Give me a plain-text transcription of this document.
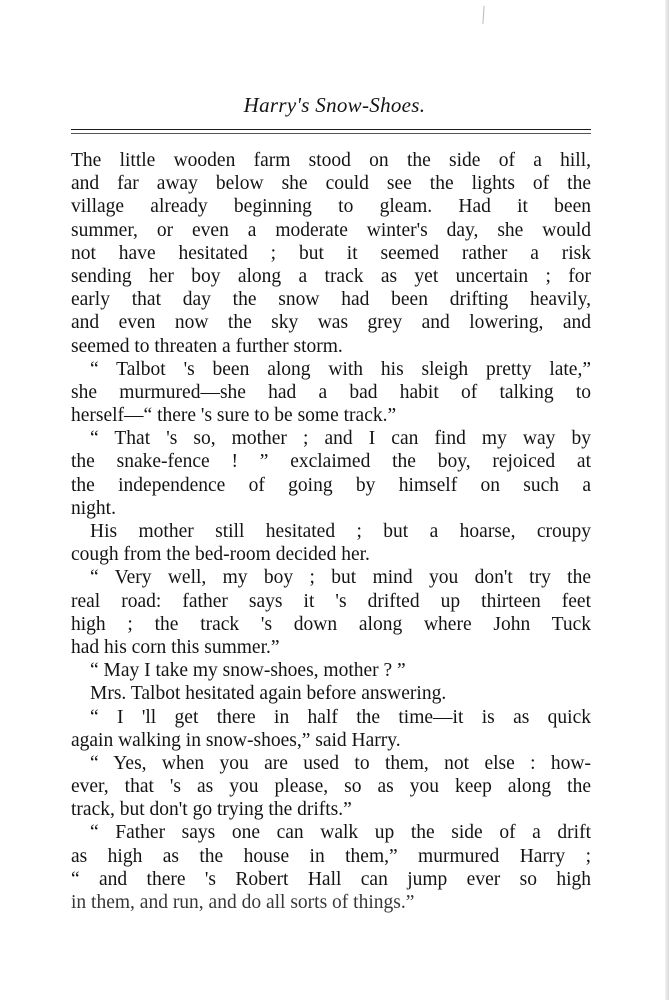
Harry's Snow-Shoes.
The little wooden farm stood on the side of a hill,
and far away below she could see the lights of the
village already beginning to gleam. Had it been
summer, or even a moderate winter's day, she would
not have hesitated ; but it seemed rather a risk
sending her boy along a track as yet uncertain ; for
early that day the snow had been drifting heavily,
and even now the sky was grey and lowering, and
seemed to threaten a further storm.
“ Talbot 's been along with his sleigh pretty late,”
she murmured—she had a bad habit of talking to
herself—“ there 's sure to be some track.”
“ That 's so, mother ; and I can find my way by
the snake-fence ! ” exclaimed the boy, rejoiced at
the independence of going by himself on such a
night.
His mother still hesitated ; but a hoarse, croupy
cough from the bed-room decided her.
“ Very well, my boy ; but mind you don't try the
real road: father says it 's drifted up thirteen feet
high ; the track 's down along where John Tuck
had his corn this summer.”
“ May I take my snow-shoes, mother ? ”
Mrs. Talbot hesitated again before answering.
“ I 'll get there in half the time—it is as quick
again walking in snow-shoes,” said Harry.
“ Yes, when you are used to them, not else : how-
ever, that 's as you please, so as you keep along the
track, but don't go trying the drifts.”
“ Father says one can walk up the side of a drift
as high as the house in them,” murmured Harry ;
“ and there 's Robert Hall can jump ever so high
in them, and run, and do all sorts of things.”
